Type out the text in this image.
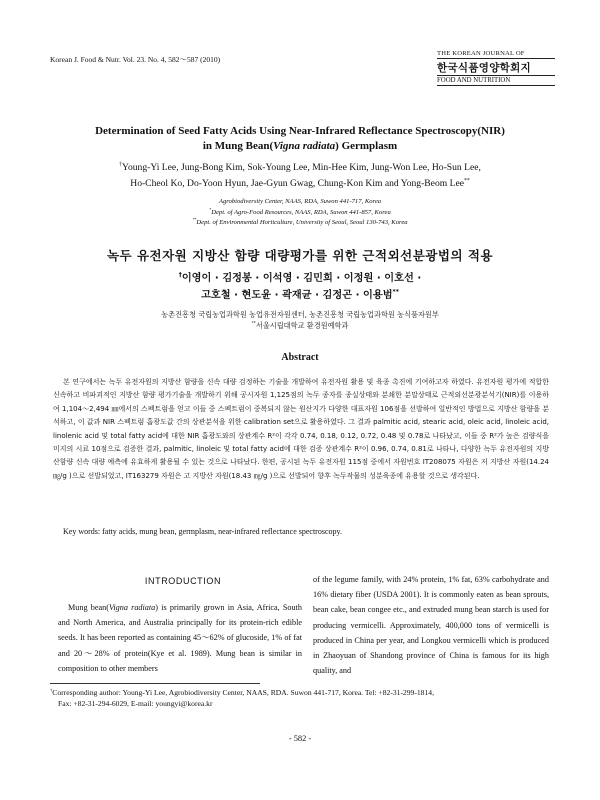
Korean J. Food & Nutr. Vol. 23. No. 4, 582～587 (2010)
THE KOREAN JOURNAL OF
한국식품영양학회지
FOOD AND NUTRITION
Determination of Seed Fatty Acids Using Near-Infrared Reflectance Spectroscopy(NIR)
in Mung Bean(Vigna radiata) Germplasm
†Young-Yi Lee, Jung-Bong Kim, Sok-Young Lee, Min-Hee Kim, Jung-Won Lee, Ho-Sun Lee,
Ho-Cheol Ko, Do-Yoon Hyun, Jae-Gyun Gwag, Chung-Kon Kim and Yong-Beom Lee**
Agrobiodiversity Center, NAAS, RDA, Suwon 441-717, Korea
*Dept. of Agro-Food Resources, NAAS, RDA, Suwon 441-857, Korea
**Dept. of Environmental Horticulture, University of Seoul, Seoul 130-743, Korea
녹두 유전자원 지방산 함량 대량평가를 위한 근적외선분광법의 적용
†이영이 · 김정봉 · 이석영 · 김민희 · 이정원 · 이호선 ·
고호철 · 현도윤 · 곽재균 · 김정곤 · 이용범**
농촌진흥청 국립농업과학원 농업유전자원센터, 농촌진흥청 국립농업과학원 농식품자원부
**서울시립대학교 환경원예학과
Abstract
본 연구에서는 녹두 유전자원의 지방산 함량을 신속 대량 검정하는 기술을 개발하여 유전자원 활용 및 육종 촉진에 기여하고자 하였다. 유전자원 평가에 적합한 신속하고 비파괴적인 지방산 함량 평가기술을 개발하기 위해 공시자원 1,125점의 녹두 종자를 종실상태와 분쇄한 분말상태로 근적외선분광분석기(NIR)를 이용하여 1,104～2,494 ㎚에서의 스펙트럼을 얻고 이들 중 스펙트럼이 중복되지 않는 원산지가 다양한 대표자원 106점을 선발하여 일반적인 방법으로 지방산 함량을 분석하고, 이 값과 NIR 스펙트럼 흡광도값 간의 상관분석을 위한 calibration set으로 활용하였다. 그 결과 palmitic acid, stearic acid, oleic acid, linoleic acid, linolenic acid 및 total fatty acid에 대한 NIR 흡광도와의 상관계수 R²이 각각 0.74, 0.18, 0.12, 0.72, 0.48 및 0.78로 나타났고, 이들 중 R²가 높은 검량식을 미지의 시료 10점으로 검증한 결과, palmitic, linoleic 및 total fatty acid에 대한 검증 상관계수 R²이 0.96, 0.74, 0.81로 나타나, 다양한 녹두 유전자원의 지방산함량 신속 대량 예측에 유효하게 활용될 수 있는 것으로 나타났다. 한편, 공시된 녹두 유전자원 115점 중에서 자원번호 IT208075 자원은 저 지방산 자원(14.24 ㎎/g )으로 선발되었고, IT163279 자원은 고 지방산 자원(18.43 ㎎/g )으로 선발되어 향후 녹두작물의 성분육종에 유용할 것으로 생각된다.
Key words: fatty acids, mung bean, germplasm, near-infrared reflectance spectroscopy.
INTRODUCTION
Mung bean(Vigna radiata) is primarily grown in Asia, Africa, South and North America, and Australia principally for its protein-rich edible seeds. It has been reported as containing 45～62% of glucoside, 1% of fat and 20～28% of protein(Kye et al. 1989). Mung bean is similar in composition to other members
of the legume family, with 24% protein, 1% fat, 63% carbohydrate and 16% dietary fiber (USDA 2001). It is commonly eaten as bean sprouts, bean cake, bean congee etc., and extruded mung bean starch is used for producing vermicelli. Approximately, 400,000 tons of vermicelli is produced in China per year, and Longkou vermicelli which is produced in Zhaoyuan of Shandong province of China is famous for its high quality, and
†Corresponding author: Young-Yi Lee, Agrobiodiversity Center, NAAS, RDA. Suwon 441-717, Korea. Tel: +82-31-299-1814,
Fax: +82-31-294-6029, E-mail: youngyi@korea.kr
- 582 -
